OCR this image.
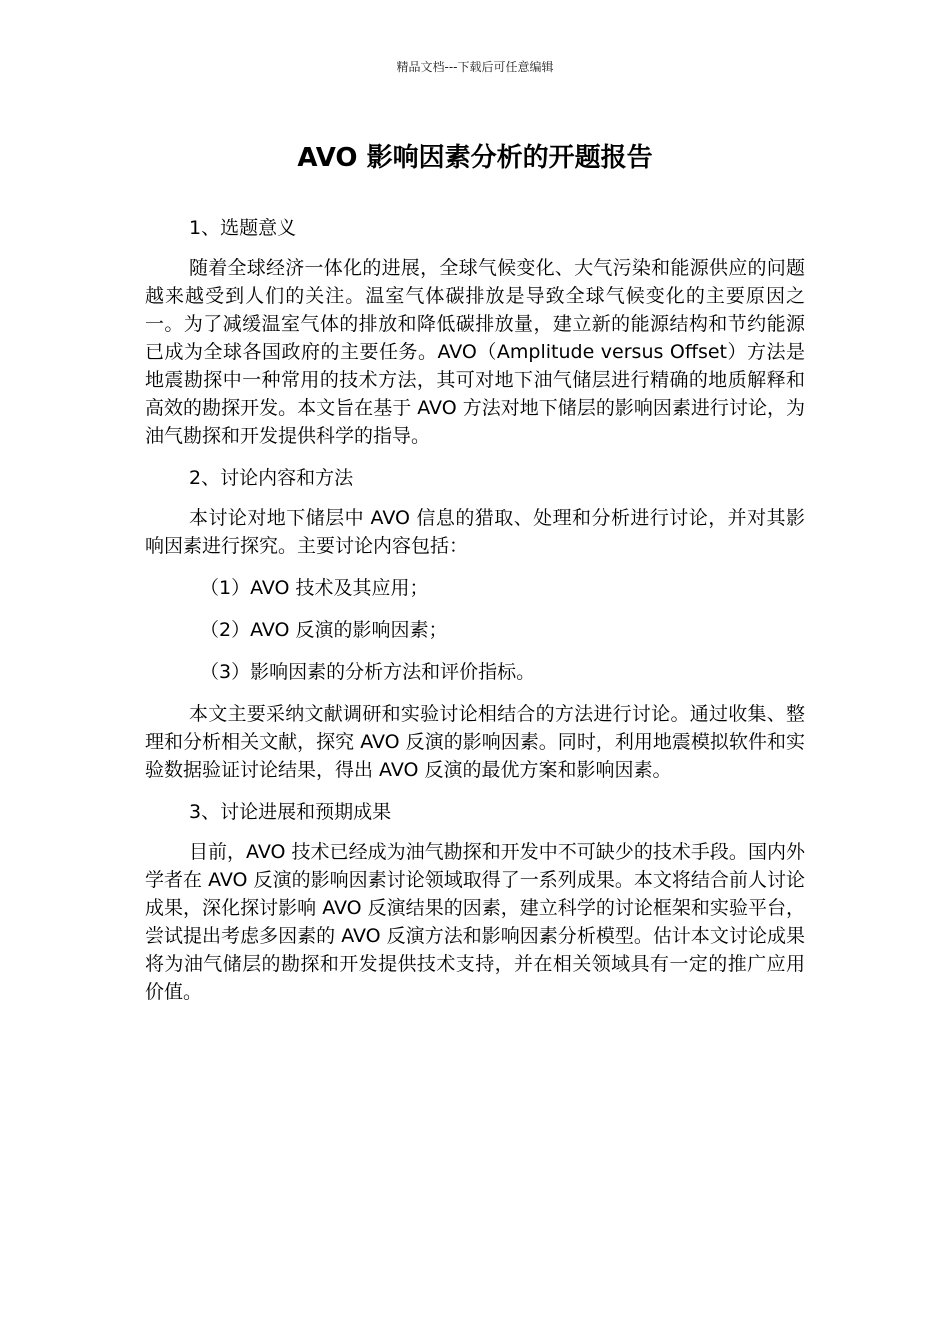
精品文档---下载后可任意编辑
AVO 影响因素分析的开题报告

1、选题意义

随着全球经济一体化的进展，全球气候变化、大气污染和能源供应的问题越来越受到人们的关注。温室气体碳排放是导致全球气候变化的主要原因之一。为了减缓温室气体的排放和降低碳排放量，建立新的能源结构和节约能源已成为全球各国政府的主要任务。AVO（Amplitude versus Offset）方法是地震勘探中一种常用的技术方法，其可对地下油气储层进行精确的地质解释和高效的勘探开发。本文旨在基于 AVO 方法对地下储层的影响因素进行讨论，为油气勘探和开发提供科学的指导。

2、讨论内容和方法

本讨论对地下储层中 AVO 信息的猎取、处理和分析进行讨论，并对其影响因素进行探究。主要讨论内容包括：

（1）AVO 技术及其应用；

（2）AVO 反演的影响因素；

（3）影响因素的分析方法和评价指标。

本文主要采纳文献调研和实验讨论相结合的方法进行讨论。通过收集、整理和分析相关文献，探究 AVO 反演的影响因素。同时，利用地震模拟软件和实验数据验证讨论结果，得出 AVO 反演的最优方案和影响因素。

3、讨论进展和预期成果

目前，AVO 技术已经成为油气勘探和开发中不可缺少的技术手段。国内外学者在 AVO 反演的影响因素讨论领域取得了一系列成果。本文将结合前人讨论成果，深化探讨影响 AVO 反演结果的因素，建立科学的讨论框架和实验平台，尝试提出考虑多因素的 AVO 反演方法和影响因素分析模型。估计本文讨论成果将为油气储层的勘探和开发提供技术支持，并在相关领域具有一定的推广应用价值。
